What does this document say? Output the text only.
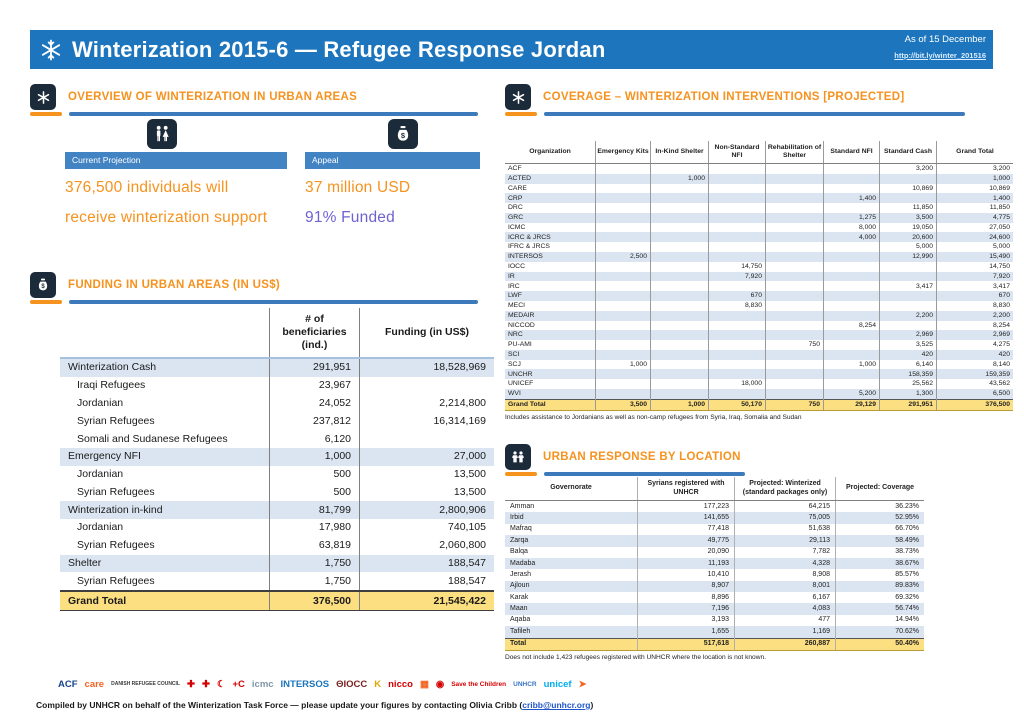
Winterization 2015-6 — Refugee Response Jordan	As of 15 December
http://bit.ly/winter_201516
OVERVIEW OF WINTERIZATION IN URBAN AREAS
$
Current Projection	Appeal
376,500 individuals will
receive winterization support
37 million USD
91% Funded
$ FUNDING IN URBAN AREAS (IN US$)
	# of beneficiaries (ind.)	Funding (in US$)
Winterization Cash	291,951	18,528,969
Iraqi Refugees	23,967	
Jordanian	24,052	2,214,800
Syrian Refugees	237,812	16,314,169
Somali and Sudanese Refugees	6,120	
Emergency NFI	1,000	27,000
Jordanian	500	13,500
Syrian Refugees	500	13,500
Winterization in-kind	81,799	2,800,906
Jordanian	17,980	740,105
Syrian Refugees	63,819	2,060,800
Shelter	1,750	188,547
Syrian Refugees	1,750	188,547
Grand Total	376,500	21,545,422
COVERAGE – WINTERIZATION INTERVENTIONS [PROJECTED]
Organization	Emergency Kits	In-Kind Shelter	Non-Standard NFI	Rehabilitation of Shelter	Standard NFI	Standard Cash	Grand Total
ACF						3,200	3,200
ACTED		1,000					1,000
CARE						10,869	10,869
CRP					1,400		1,400
DRC						11,850	11,850
GRC					1,275	3,500	4,775
ICMC					8,000	19,050	27,050
ICRC & JRCS					4,000	20,600	24,600
IFRC & JRCS						5,000	5,000
INTERSOS	2,500					12,990	15,490
IOCC			14,750				14,750
IR			7,920				7,920
IRC						3,417	3,417
LWF			670				670
MECI			8,830				8,830
MEDAIR						2,200	2,200
NICCOD					8,254		8,254
NRC						2,969	2,969
PU-AMI				750		3,525	4,275
SCI						420	420
SCJ	1,000				1,000	6,140	8,140
UNCHR						158,359	159,359
UNICEF			18,000			25,562	43,562
WVI					5,200	1,300	6,500
Grand Total	3,500	1,000	50,170	750	29,129	291,951	376,500
Includes assistance to Jordanians as well as non-camp refugees from Syria, Iraq, Somalia and Sudan
URBAN RESPONSE BY LOCATION
Governorate	Syrians registered with UNHCR	Projected: Winterized (standard packages only)	Projected: Coverage
Amman	177,223	64,215	36.23%
Irbid	141,655	75,005	52.95%
Mafraq	77,418	51,638	66.70%
Zarqa	49,775	29,113	58.49%
Balqa	20,090	7,782	38.73%
Madaba	11,193	4,328	38.67%
Jerash	10,410	8,908	85.57%
Ajloun	8,907	8,001	89.83%
Karak	8,896	6,167	69.32%
Maan	7,196	4,083	56.74%
Aqaba	3,193	477	14.94%
Tafileh	1,655	1,169	70.62%
Total	517,618	260,887	50.40%
Does not include 1,423 refugees registered with UNHCR where the location is not known.
ACF care DANISH REFUGEE COUNCIL ✚ ✚ ☾ +C icmc INTERSOS ΘIOCC K nicco ▦ ◉ Save the Children UNHCR unicef ➤
Compiled by UNHCR on behalf of the Winterization Task Force — please update your figures by contacting Olivia Cribb (cribb@unhcr.org)
